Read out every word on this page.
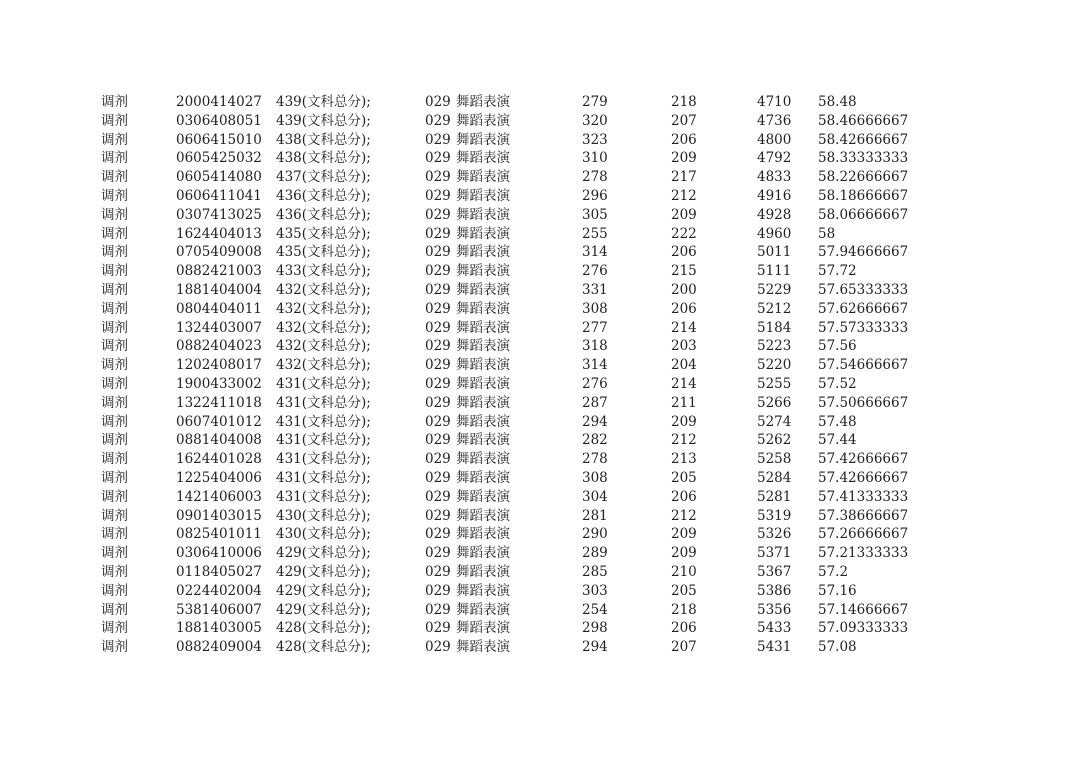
调剂	2000414027 439(文科总分);	029 舞蹈表演	279	218	4710 58.48
调剂	0306408051 439(文科总分);	029 舞蹈表演	320	207	4736 58.46666667
调剂	0606415010 438(文科总分);	029 舞蹈表演	323	206	4800 58.42666667
调剂	0605425032 438(文科总分);	029 舞蹈表演	310	209	4792 58.33333333
调剂	0605414080 437(文科总分);	029 舞蹈表演	278	217	4833 58.22666667
调剂	0606411041 436(文科总分);	029 舞蹈表演	296	212	4916 58.18666667
调剂	0307413025 436(文科总分);	029 舞蹈表演	305	209	4928 58.06666667
调剂	1624404013 435(文科总分);	029 舞蹈表演	255	222	4960 58
调剂	0705409008 435(文科总分);	029 舞蹈表演	314	206	5011 57.94666667
调剂	0882421003 433(文科总分);	029 舞蹈表演	276	215	5111 57.72
调剂	1881404004 432(文科总分);	029 舞蹈表演	331	200	5229 57.65333333
调剂	0804404011 432(文科总分);	029 舞蹈表演	308	206	5212 57.62666667
调剂	1324403007 432(文科总分);	029 舞蹈表演	277	214	5184 57.57333333
调剂	0882404023 432(文科总分);	029 舞蹈表演	318	203	5223 57.56
调剂	1202408017 432(文科总分);	029 舞蹈表演	314	204	5220 57.54666667
调剂	1900433002 431(文科总分);	029 舞蹈表演	276	214	5255 57.52
调剂	1322411018 431(文科总分);	029 舞蹈表演	287	211	5266 57.50666667
调剂	0607401012 431(文科总分);	029 舞蹈表演	294	209	5274 57.48
调剂	0881404008 431(文科总分);	029 舞蹈表演	282	212	5262 57.44
调剂	1624401028 431(文科总分);	029 舞蹈表演	278	213	5258 57.42666667
调剂	1225404006 431(文科总分);	029 舞蹈表演	308	205	5284 57.42666667
调剂	1421406003 431(文科总分);	029 舞蹈表演	304	206	5281 57.41333333
调剂	0901403015 430(文科总分);	029 舞蹈表演	281	212	5319 57.38666667
调剂	0825401011 430(文科总分);	029 舞蹈表演	290	209	5326 57.26666667
调剂	0306410006 429(文科总分);	029 舞蹈表演	289	209	5371 57.21333333
调剂	0118405027 429(文科总分);	029 舞蹈表演	285	210	5367 57.2
调剂	0224402004 429(文科总分);	029 舞蹈表演	303	205	5386 57.16
调剂	5381406007 429(文科总分);	029 舞蹈表演	254	218	5356 57.14666667
调剂	1881403005 428(文科总分);	029 舞蹈表演	298	206	5433 57.09333333
调剂	0882409004 428(文科总分);	029 舞蹈表演	294	207	5431 57.08
